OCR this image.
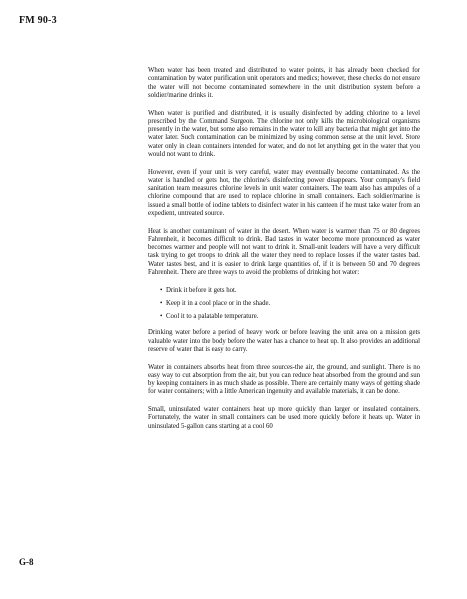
FM 90-3

When water has been treated and distributed to water points, it has already been checked for contamination by water purification unit operators and medics; however, these checks do not ensure the water will not become contaminated somewhere in the unit distribution system before a soldier/marine drinks it.

When water is purified and distributed, it is usually disinfected by adding chlorine to a level prescribed by the Command Surgeon. The chlorine not only kills the microbiological organisms presently in the water, but some also remains in the water to kill any bacteria that might get into the water later. Such contamination can be minimized by using common sense at the unit level. Store water only in clean containers intended for water, and do not let anything get in the water that you would not want to drink.

However, even if your unit is very careful, water may eventually become contaminated. As the water is handled or gets hot, the chlorine's disinfecting power disappears. Your company's field sanitation team measures chlorine levels in unit water containers. The team also has ampules of a chlorine compound that are used to replace chlorine in small containers. Each soldier/marine is issued a small bottle of iodine tablets to disinfect water in his canteen if he must take water from an expedient, untreated source.

Heat is another contaminant of water in the desert. When water is warmer than 75 or 80 degrees Fahrenheit, it becomes difficult to drink. Bad tastes in water become more pronounced as water becomes warmer and people will not want to drink it. Small-unit leaders will have a very difficult task trying to get troops to drink all the water they need to replace losses if the water tastes bad. Water tastes best, and it is easier to drink large quantities of, if it is between 50 and 70 degrees Fahrenheit. There are three ways to avoid the problems of drinking hot water:

• Drink it before it gets hot.
• Keep it in a cool place or in the shade.
• Cool it to a palatable temperature.

Drinking water before a period of heavy work or before leaving the unit area on a mission gets valuable water into the body before the water has a chance to heat up. It also provides an additional reserve of water that is easy to carry.

Water in containers absorbs heat from three sources-the air, the ground, and sunlight. There is no easy way to cut absorption from the air, but you can reduce heat absorbed from the ground and sun by keeping containers in as much shade as possible. There are certainly many ways of getting shade for water containers; with a little American ingenuity and available materials, it can be done.

Small, uninsulated water containers heat up more quickly than larger or insulated containers. Fortunately, the water in small containers can be used more quickly before it heats up. Water in uninsulated 5-gallon cans starting at a cool 60

G-8
